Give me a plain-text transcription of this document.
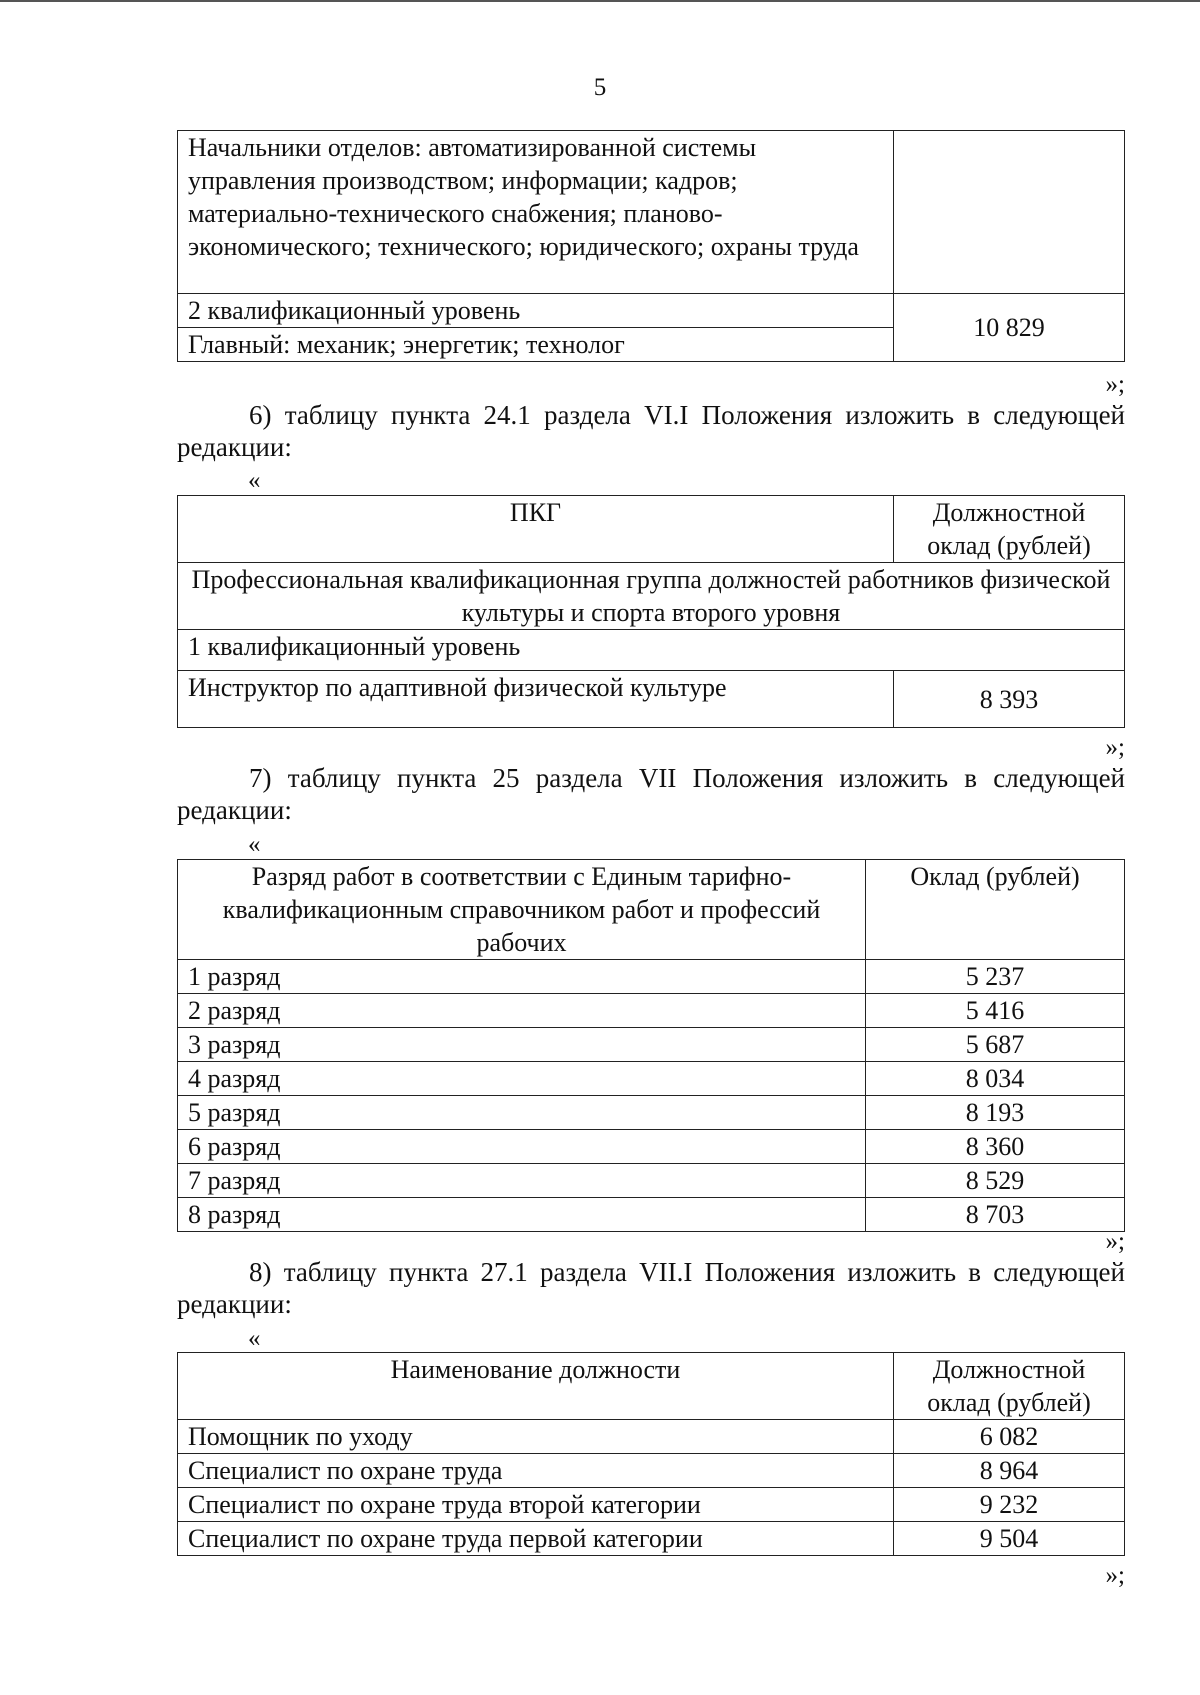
5
Начальники отделов: автоматизированной системы управления производством; информации; кадров; материально-технического снабжения; планово-экономического; технического; юридического; охраны труда	
2 квалификационный уровень	10 829
Главный: механик; энергетик; технолог	
»;
6) таблицу пункта 24.1 раздела VI.I Положения изложить в следующей
редакции:
«
ПКГ	Должностной оклад (рублей)
Профессиональная квалификационная группа должностей работников физической культуры и спорта второго уровня	
1 квалификационный уровень	
Инструктор по адаптивной физической культуре	8 393
»;
7) таблицу пункта 25 раздела VII Положения изложить в следующей
редакции:
«
Разряд работ в соответствии с Единым тарифно-квалификационным справочником работ и профессий рабочих	Оклад (рублей)
1 разряд	5 237
2 разряд	5 416
3 разряд	5 687
4 разряд	8 034
5 разряд	8 193
6 разряд	8 360
7 разряд	8 529
8 разряд	8 703
»;
8) таблицу пункта 27.1 раздела VII.I Положения изложить в следующей
редакции:
«
Наименование должности	Должностной оклад (рублей)
Помощник по уходу	6 082
Специалист по охране труда	8 964
Специалист по охране труда второй категории	9 232
Специалист по охране труда первой категории	9 504
»;
